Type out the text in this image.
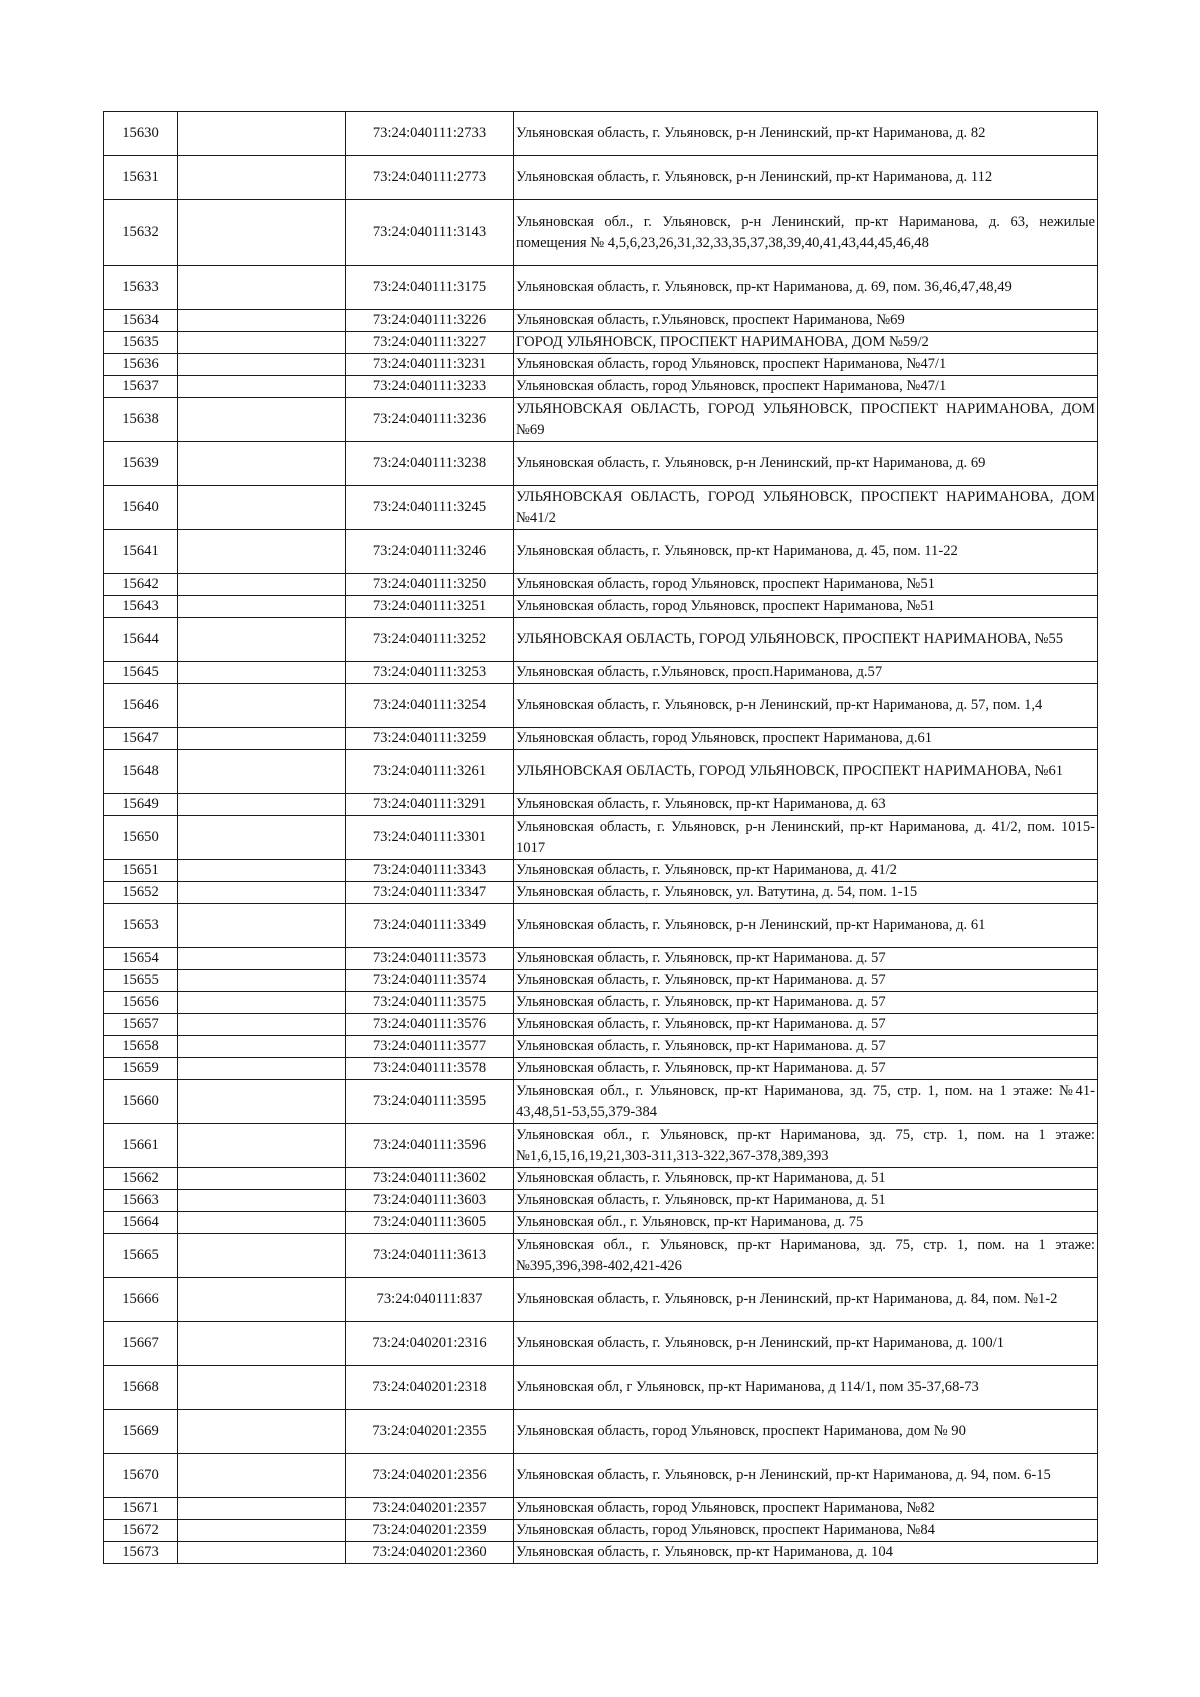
15630		73:24:040111:2733	Ульяновская область, г. Ульяновск, р-н Ленинский, пр-кт Нариманова, д. 82
15631		73:24:040111:2773	Ульяновская область, г. Ульяновск, р-н Ленинский, пр-кт Нариманова, д. 112
15632		73:24:040111:3143	Ульяновская обл., г. Ульяновск, р-н Ленинский, пр-кт Нариманова, д. 63, нежилые помещения № 4,5,6,23,26,31,32,33,35,37,38,39,40,41,43,44,45,46,48
15633		73:24:040111:3175	Ульяновская область, г. Ульяновск, пр-кт Нариманова, д. 69, пом. 36,46,47,48,49
15634		73:24:040111:3226	Ульяновская область, г.Ульяновск, проспект Нариманова, №69
15635		73:24:040111:3227	ГОРОД УЛЬЯНОВСК, ПРОСПЕКТ НАРИМАНОВА, ДОМ №59/2
15636		73:24:040111:3231	Ульяновская область, город Ульяновск, проспект Нариманова, №47/1
15637		73:24:040111:3233	Ульяновская область, город Ульяновск, проспект Нариманова, №47/1
15638		73:24:040111:3236	УЛЬЯНОВСКАЯ ОБЛАСТЬ, ГОРОД УЛЬЯНОВСК, ПРОСПЕКТ НАРИМАНОВА, ДОМ №69
15639		73:24:040111:3238	Ульяновская область, г. Ульяновск, р-н Ленинский, пр-кт Нариманова, д. 69
15640		73:24:040111:3245	УЛЬЯНОВСКАЯ ОБЛАСТЬ, ГОРОД УЛЬЯНОВСК, ПРОСПЕКТ НАРИМАНОВА, ДОМ №41/2
15641		73:24:040111:3246	Ульяновская область, г. Ульяновск, пр-кт Нариманова, д. 45, пом. 11-22
15642		73:24:040111:3250	Ульяновская область, город Ульяновск, проспект Нариманова, №51
15643		73:24:040111:3251	Ульяновская область, город Ульяновск, проспект Нариманова, №51
15644		73:24:040111:3252	УЛЬЯНОВСКАЯ ОБЛАСТЬ, ГОРОД УЛЬЯНОВСК, ПРОСПЕКТ НАРИМАНОВА, №55
15645		73:24:040111:3253	Ульяновская область, г.Ульяновск, просп.Нариманова, д.57
15646		73:24:040111:3254	Ульяновская область, г. Ульяновск, р-н Ленинский, пр-кт Нариманова, д. 57, пом. 1,4
15647		73:24:040111:3259	Ульяновская область, город Ульяновск, проспект Нариманова, д.61
15648		73:24:040111:3261	УЛЬЯНОВСКАЯ ОБЛАСТЬ, ГОРОД УЛЬЯНОВСК, ПРОСПЕКТ НАРИМАНОВА, №61
15649		73:24:040111:3291	Ульяновская область, г. Ульяновск, пр-кт Нариманова, д. 63
15650		73:24:040111:3301	Ульяновская область, г. Ульяновск, р-н Ленинский, пр-кт Нариманова, д. 41/2, пом. 1015-1017
15651		73:24:040111:3343	Ульяновская область, г. Ульяновск, пр-кт Нариманова, д. 41/2
15652		73:24:040111:3347	Ульяновская область, г. Ульяновск, ул. Ватутина, д. 54, пом. 1-15
15653		73:24:040111:3349	Ульяновская область, г. Ульяновск, р-н Ленинский, пр-кт Нариманова, д. 61
15654		73:24:040111:3573	Ульяновская область, г. Ульяновск, пр-кт Нариманова. д. 57
15655		73:24:040111:3574	Ульяновская область, г. Ульяновск, пр-кт Нариманова. д. 57
15656		73:24:040111:3575	Ульяновская область, г. Ульяновск, пр-кт Нариманова. д. 57
15657		73:24:040111:3576	Ульяновская область, г. Ульяновск, пр-кт Нариманова. д. 57
15658		73:24:040111:3577	Ульяновская область, г. Ульяновск, пр-кт Нариманова. д. 57
15659		73:24:040111:3578	Ульяновская область, г. Ульяновск, пр-кт Нариманова. д. 57
15660		73:24:040111:3595	Ульяновская обл., г. Ульяновск, пр-кт Нариманова, зд. 75, стр. 1, пом. на 1 этаже: №41-43,48,51-53,55,379-384
15661		73:24:040111:3596	Ульяновская обл., г. Ульяновск, пр-кт Нариманова, зд. 75, стр. 1, пом. на 1 этаже: №1,6,15,16,19,21,303-311,313-322,367-378,389,393
15662		73:24:040111:3602	Ульяновская область, г. Ульяновск, пр-кт Нариманова, д. 51
15663		73:24:040111:3603	Ульяновская область, г. Ульяновск, пр-кт Нариманова, д. 51
15664		73:24:040111:3605	Ульяновская обл., г. Ульяновск, пр-кт Нариманова, д. 75
15665		73:24:040111:3613	Ульяновская обл., г. Ульяновск, пр-кт Нариманова, зд. 75, стр. 1, пом. на 1 этаже: №395,396,398-402,421-426
15666		73:24:040111:837	Ульяновская область, г. Ульяновск, р-н Ленинский, пр-кт Нариманова, д. 84, пом. №1-2
15667		73:24:040201:2316	Ульяновская область, г. Ульяновск, р-н Ленинский, пр-кт Нариманова, д. 100/1
15668		73:24:040201:2318	Ульяновская обл, г Ульяновск, пр-кт Нариманова, д 114/1, пом 35-37,68-73
15669		73:24:040201:2355	Ульяновская область, город Ульяновск, проспект Нариманова, дом № 90
15670		73:24:040201:2356	Ульяновская область, г. Ульяновск, р-н Ленинский, пр-кт Нариманова, д. 94, пом. 6-15
15671		73:24:040201:2357	Ульяновская область, город Ульяновск, проспект Нариманова, №82
15672		73:24:040201:2359	Ульяновская область, город Ульяновск, проспект Нариманова, №84
15673		73:24:040201:2360	Ульяновская область, г. Ульяновск, пр-кт Нариманова, д. 104
